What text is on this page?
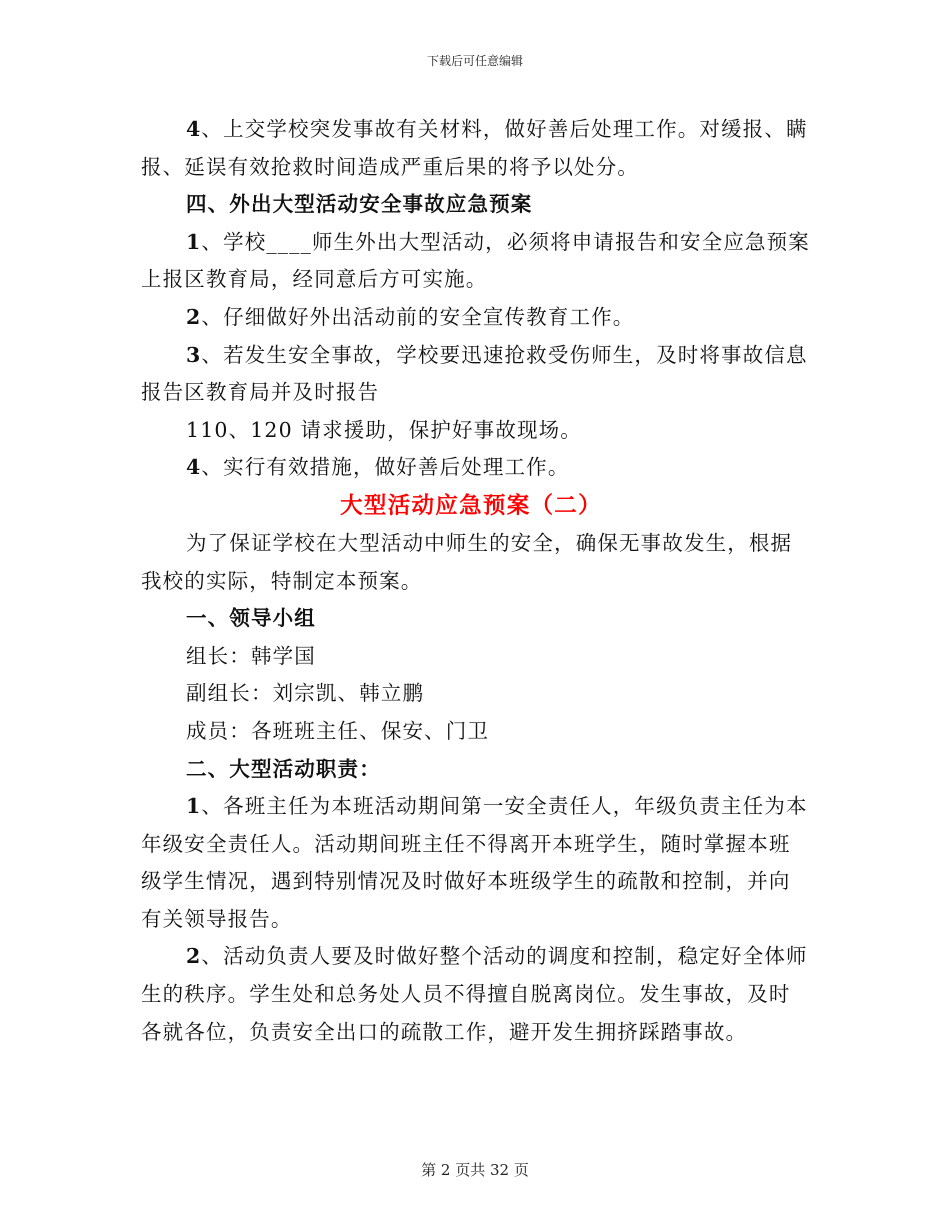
下载后可任意编辑

4、上交学校突发事故有关材料，做好善后处理工作。对缓报、瞒

报、延误有效抢救时间造成严重后果的将予以处分。

四、外出大型活动安全事故应急预案

1、学校____师生外出大型活动，必须将申请报告和安全应急预案

上报区教育局，经同意后方可实施。

2、仔细做好外出活动前的安全宣传教育工作。

3、若发生安全事故，学校要迅速抢救受伤师生，及时将事故信息

报告区教育局并及时报告

110、120 请求援助，保护好事故现场。

4、实行有效措施，做好善后处理工作。

大型活动应急预案（二）

为了保证学校在大型活动中师生的安全，确保无事故发生，根据

我校的实际，特制定本预案。

一、领导小组

组长：韩学国

副组长：刘宗凯、韩立鹏

成员：各班班主任、保安、门卫

二、大型活动职责：

1、各班主任为本班活动期间第一安全责任人，年级负责主任为本

年级安全责任人。活动期间班主任不得离开本班学生，随时掌握本班

级学生情况，遇到特别情况及时做好本班级学生的疏散和控制，并向

有关领导报告。

2、活动负责人要及时做好整个活动的调度和控制，稳定好全体师

生的秩序。学生处和总务处人员不得擅自脱离岗位。发生事故，及时

各就各位，负责安全出口的疏散工作，避开发生拥挤踩踏事故。

第 2 页共 32 页
